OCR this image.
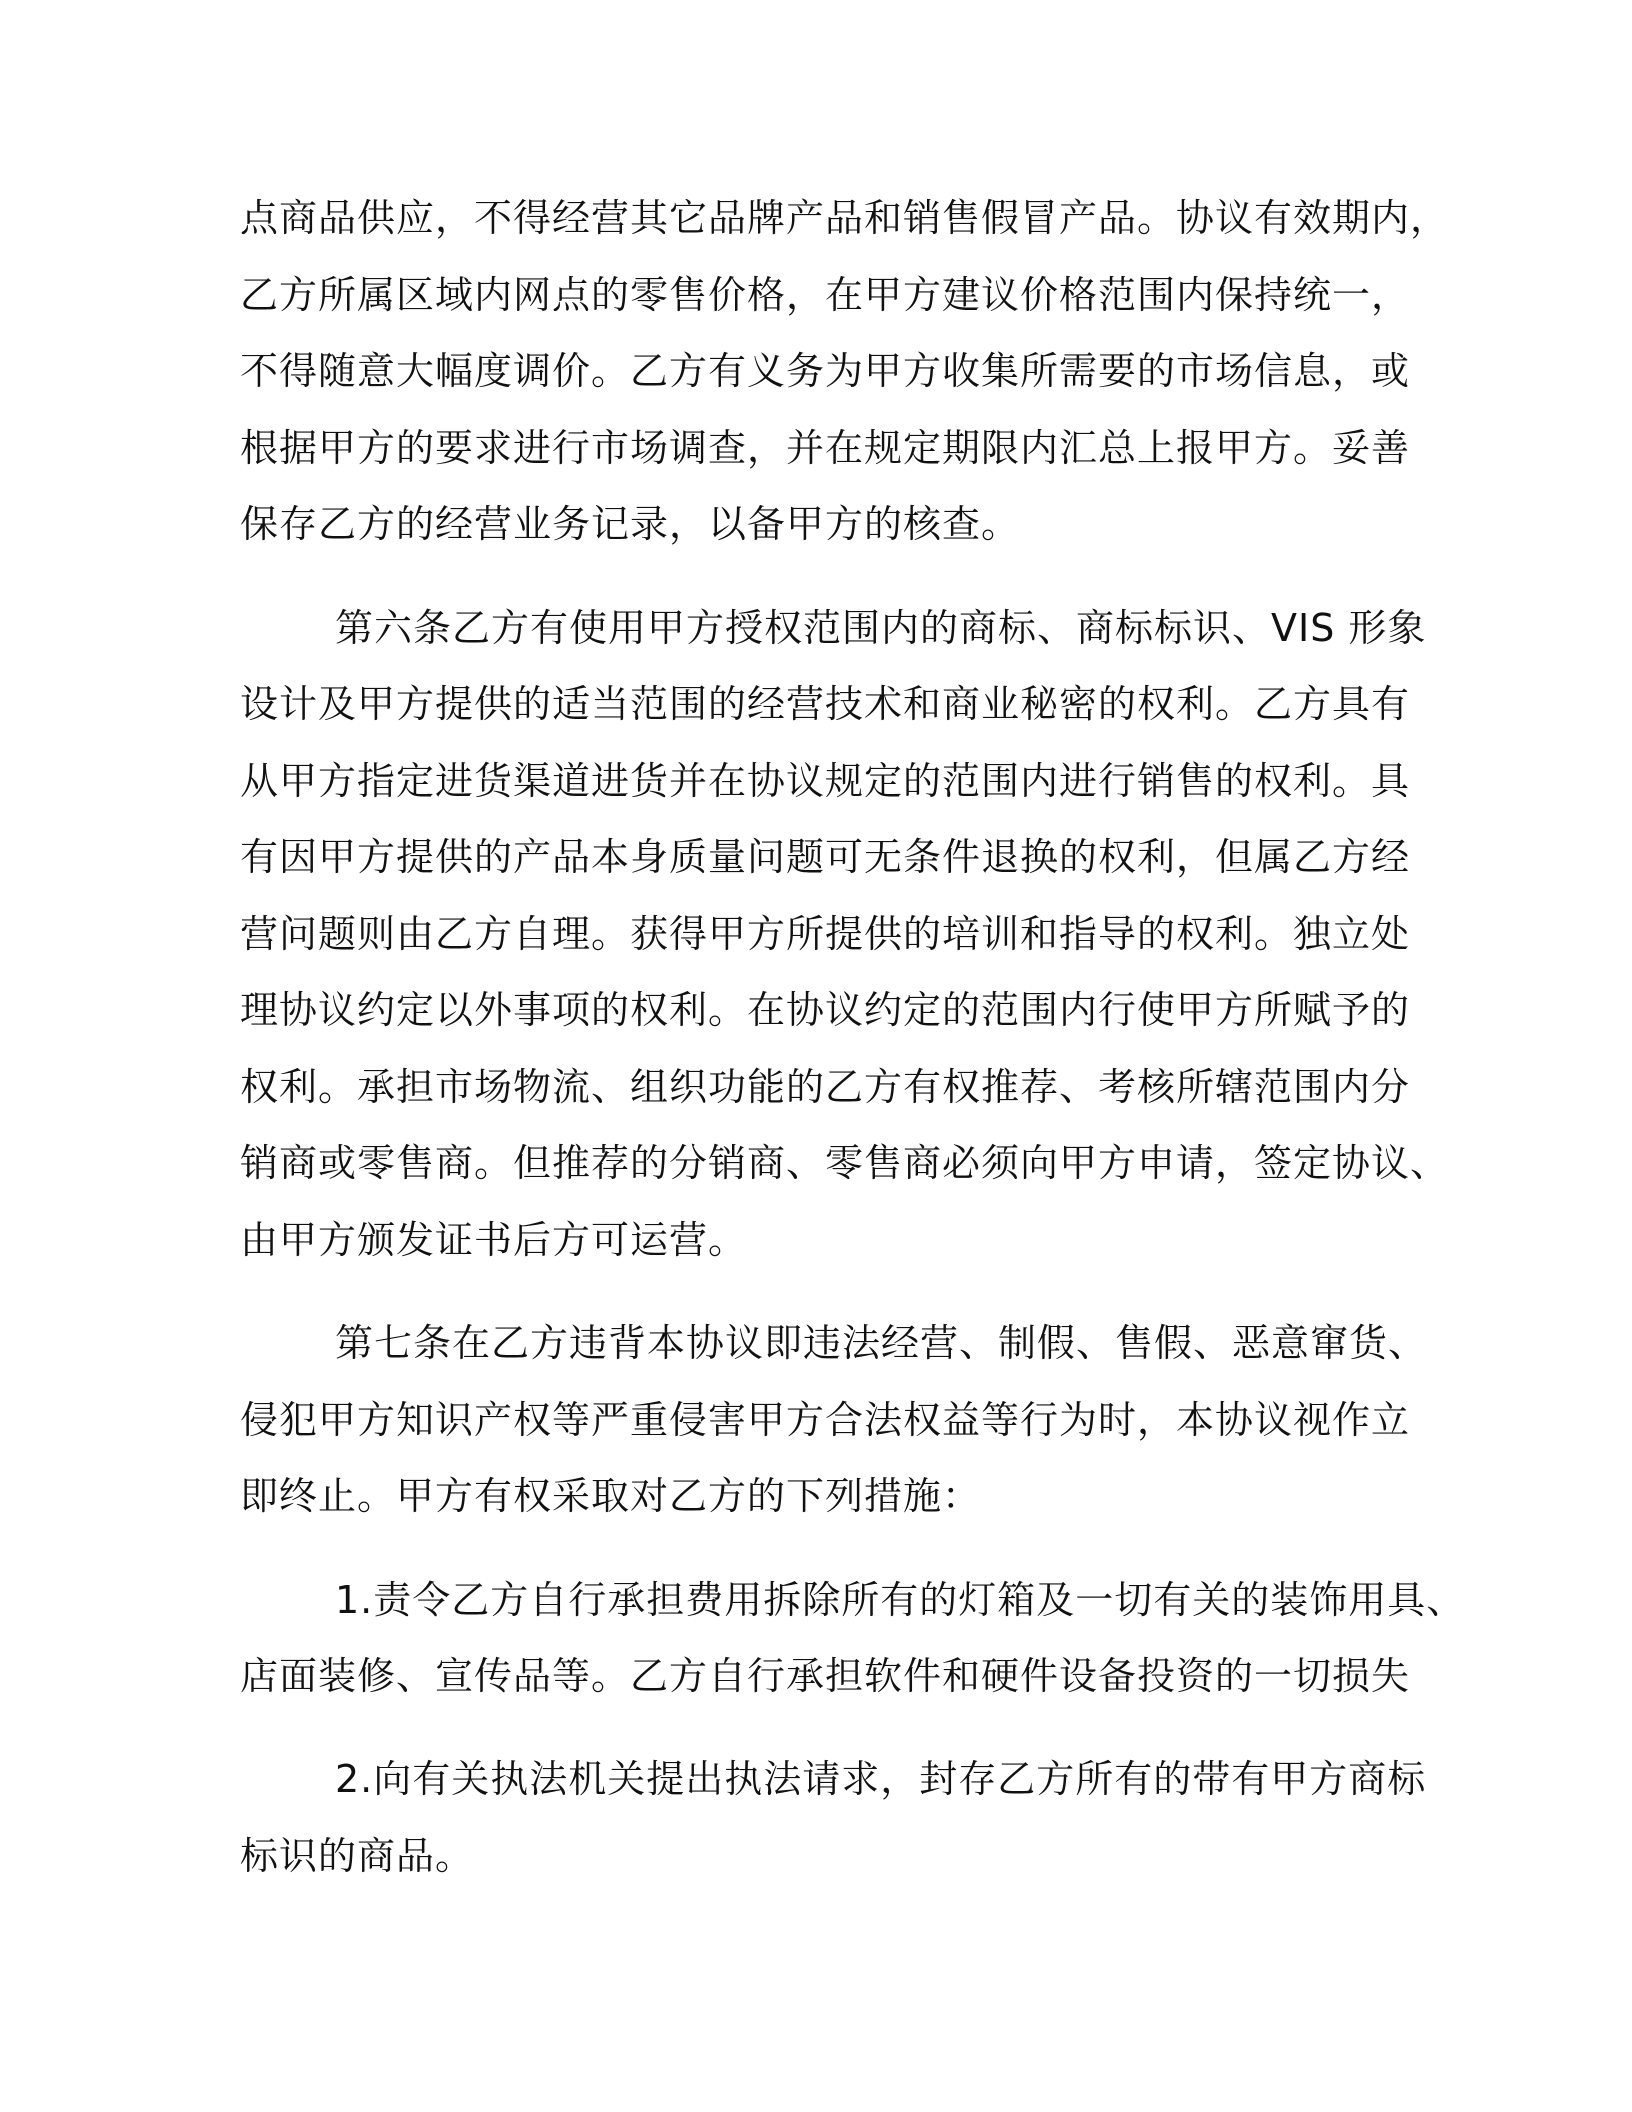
点商品供应，不得经营其它品牌产品和销售假冒产品。协议有效期内，

乙方所属区域内网点的零售价格，在甲方建议价格范围内保持统一，

不得随意大幅度调价。乙方有义务为甲方收集所需要的市场信息，或

根据甲方的要求进行市场调查，并在规定期限内汇总上报甲方。妥善

保存乙方的经营业务记录，以备甲方的核查。

第六条乙方有使用甲方授权范围内的商标、商标标识、VIS 形象

设计及甲方提供的适当范围的经营技术和商业秘密的权利。乙方具有

从甲方指定进货渠道进货并在协议规定的范围内进行销售的权利。具

有因甲方提供的产品本身质量问题可无条件退换的权利，但属乙方经

营问题则由乙方自理。获得甲方所提供的培训和指导的权利。独立处

理协议约定以外事项的权利。在协议约定的范围内行使甲方所赋予的

权利。承担市场物流、组织功能的乙方有权推荐、考核所辖范围内分

销商或零售商。但推荐的分销商、零售商必须向甲方申请，签定协议、

由甲方颁发证书后方可运营。

第七条在乙方违背本协议即违法经营、制假、售假、恶意窜货、

侵犯甲方知识产权等严重侵害甲方合法权益等行为时，本协议视作立

即终止。甲方有权采取对乙方的下列措施：

1.责令乙方自行承担费用拆除所有的灯箱及一切有关的装饰用具、

店面装修、宣传品等。乙方自行承担软件和硬件设备投资的一切损失

2.向有关执法机关提出执法请求，封存乙方所有的带有甲方商标

标识的商品。
